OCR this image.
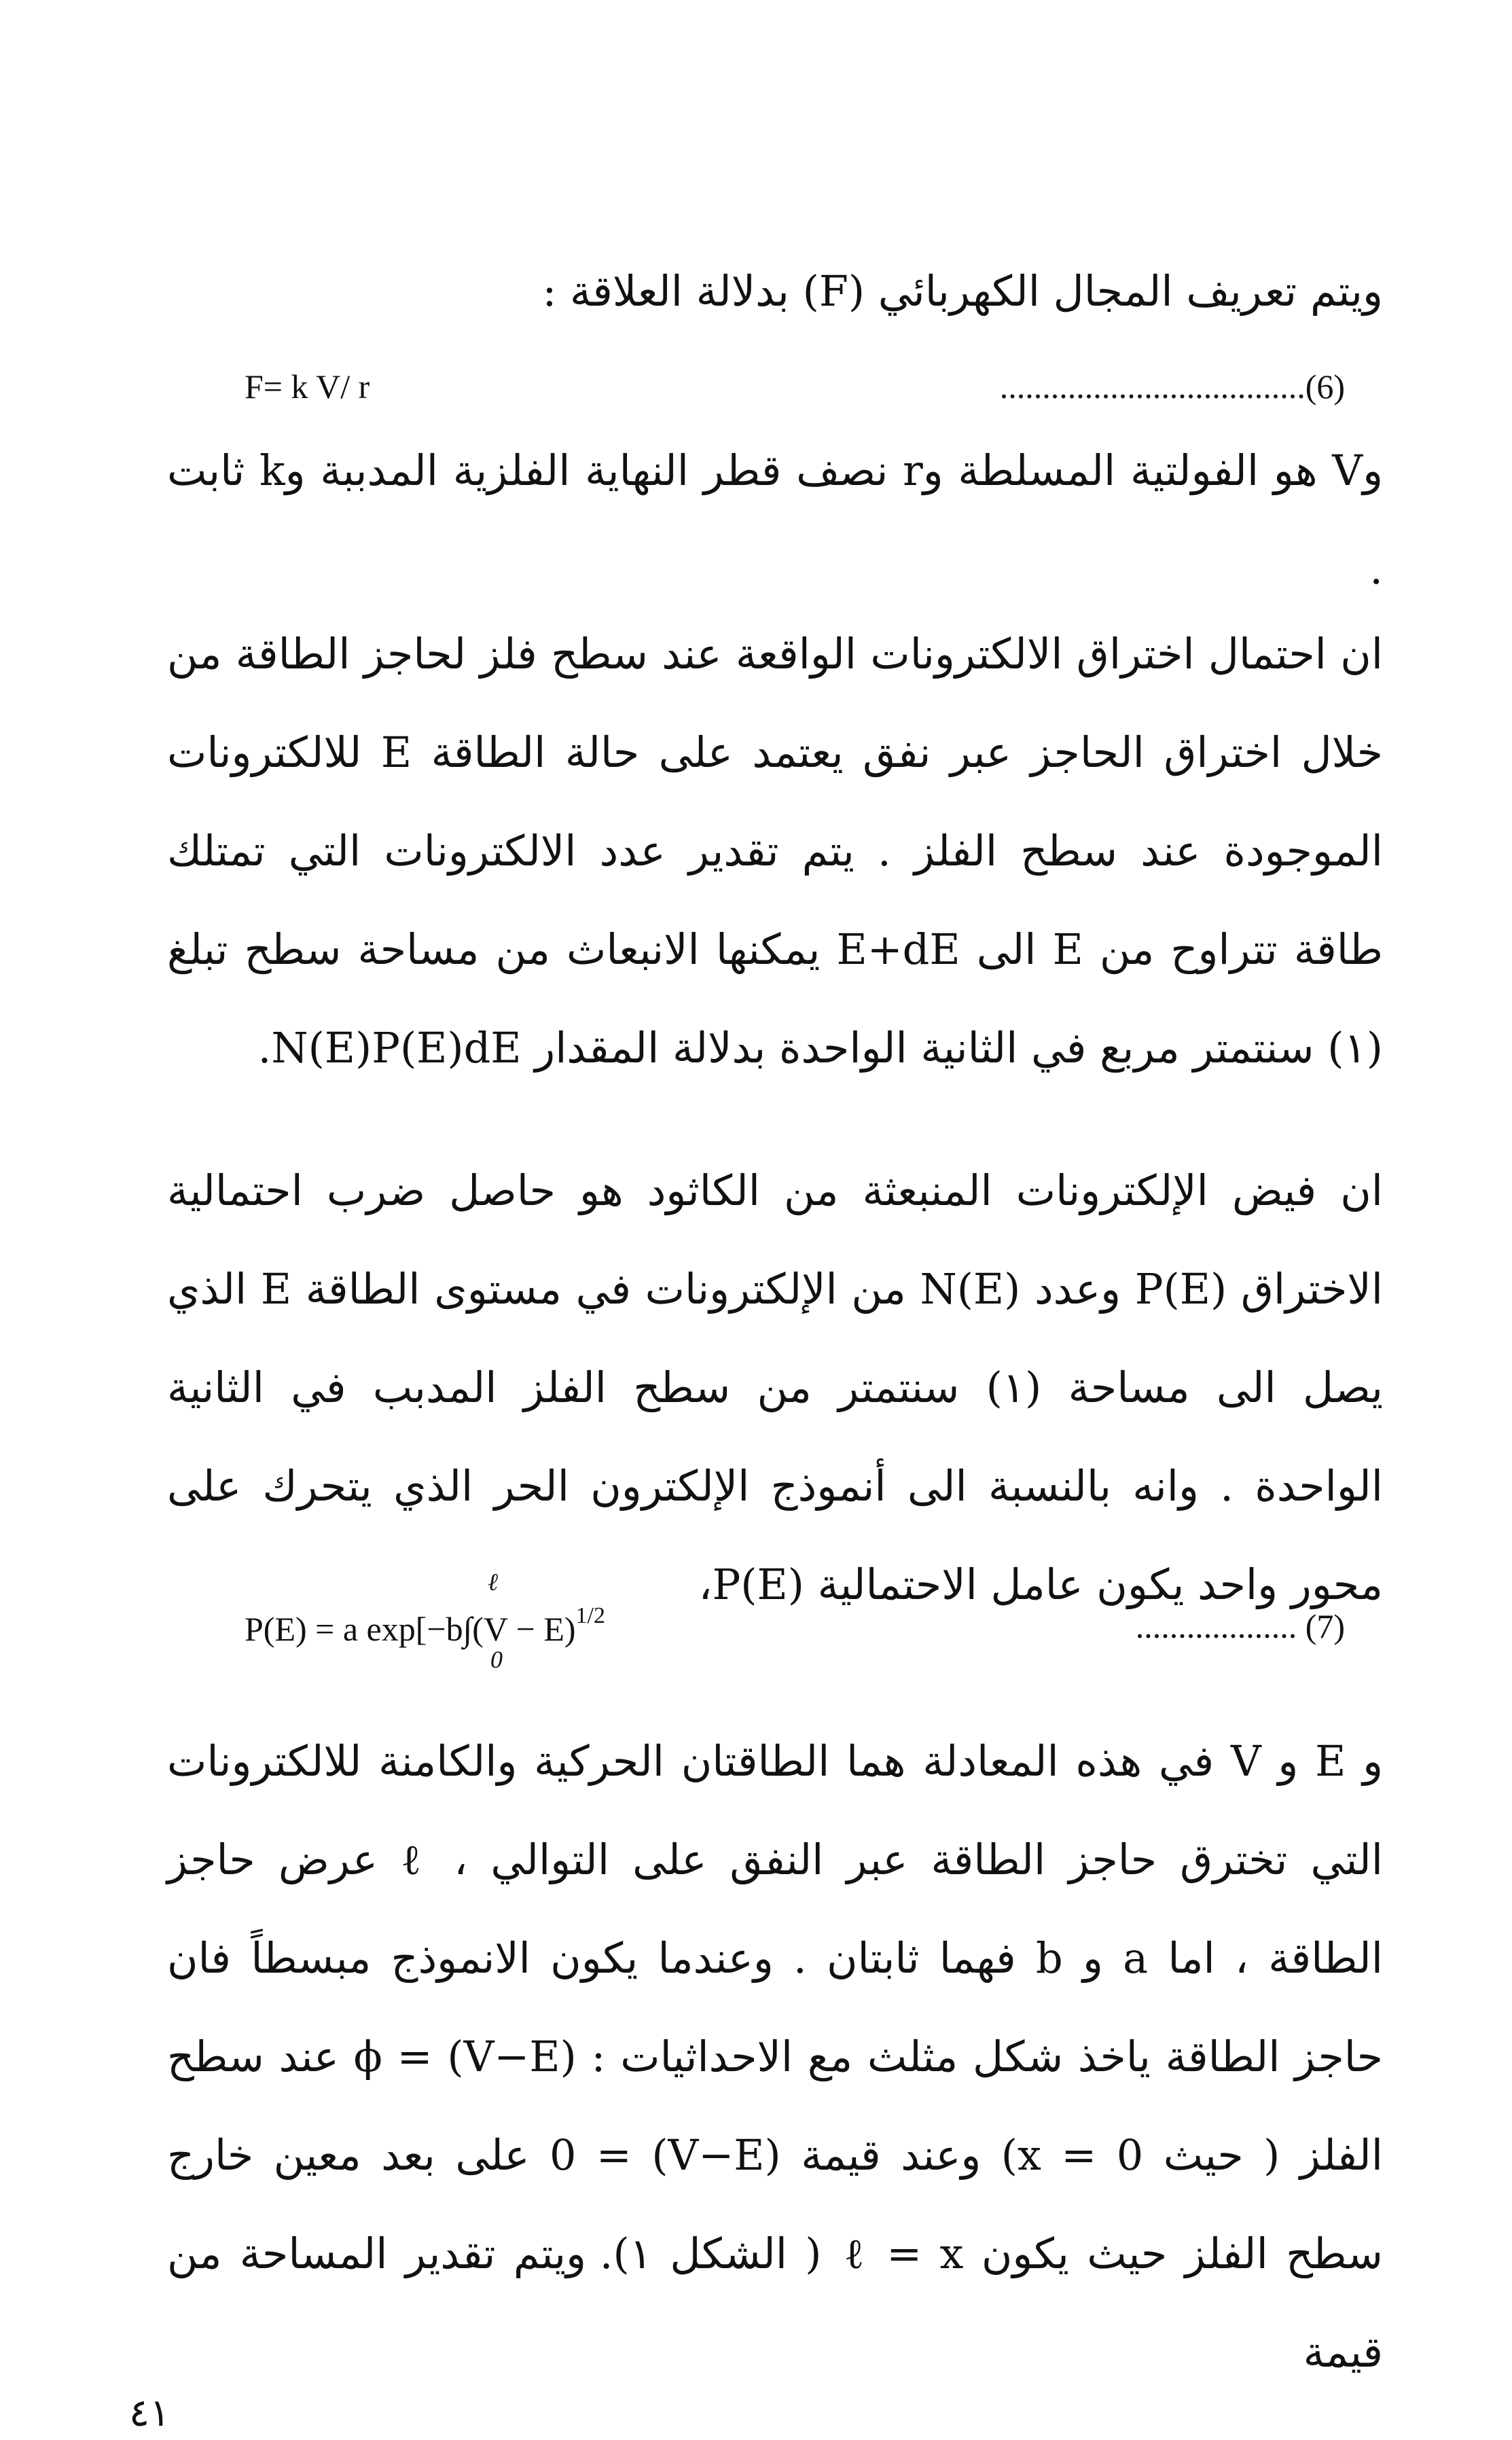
ويتم تعريف المجال الكهربائي (F) بدلالة العلاقة :
F= k V/ r	....................................(6)
وV هو الفولتية المسلطة وr نصف قطر النهاية الفلزية المدببة وk ثابت .
ان احتمال اختراق الالكترونات الواقعة عند سطح فلز لحاجز الطاقة من خلال اختراق الحاجز عبر نفق يعتمد على حالة الطاقة E للالكترونات الموجودة عند سطح الفلز . يتم تقدير عدد الالكترونات التي تمتلك طاقة تتراوح من E الى E+dE يمكنها الانبعاث من مساحة سطح تبلغ (١) سنتمتر مربع في الثانية الواحدة بدلالة المقدار N(E)P(E)dE.
ان فيض الإلكترونات المنبعثة من الكاثود هو حاصل ضرب احتمالية الاختراق P(E) وعدد N(E) من الإلكترونات في مستوى الطاقة E الذي يصل الى مساحة (١) سنتمتر من سطح الفلز المدبب في الثانية الواحدة . وانه بالنسبة الى أنموذج الإلكترون الحر الذي يتحرك على محور واحد يكون عامل الاحتمالية P(E)،
P(E) = a $\exp[-b\int(V - E)^{1/2}$
ℓ
0
................... (7)
و E و V في هذه المعادلة هما الطاقتان الحركية والكامنة للالكترونات التي تخترق حاجز الطاقة عبر النفق على التوالي ، ℓ عرض حاجز الطاقة ، اما a و b فهما ثابتان . وعندما يكون الانموذج مبسطاً فان حاجز الطاقة ياخذ شكل مثلث مع الاحداثيات : (V−E) = ϕ عند سطح الفلز ( حيث x = 0) وعند قيمة (V−E) = 0 على بعد معين خارج سطح الفلز حيث يكون ℓ = x ( الشكل ١). ويتم تقدير المساحة من قيمة
٤١
